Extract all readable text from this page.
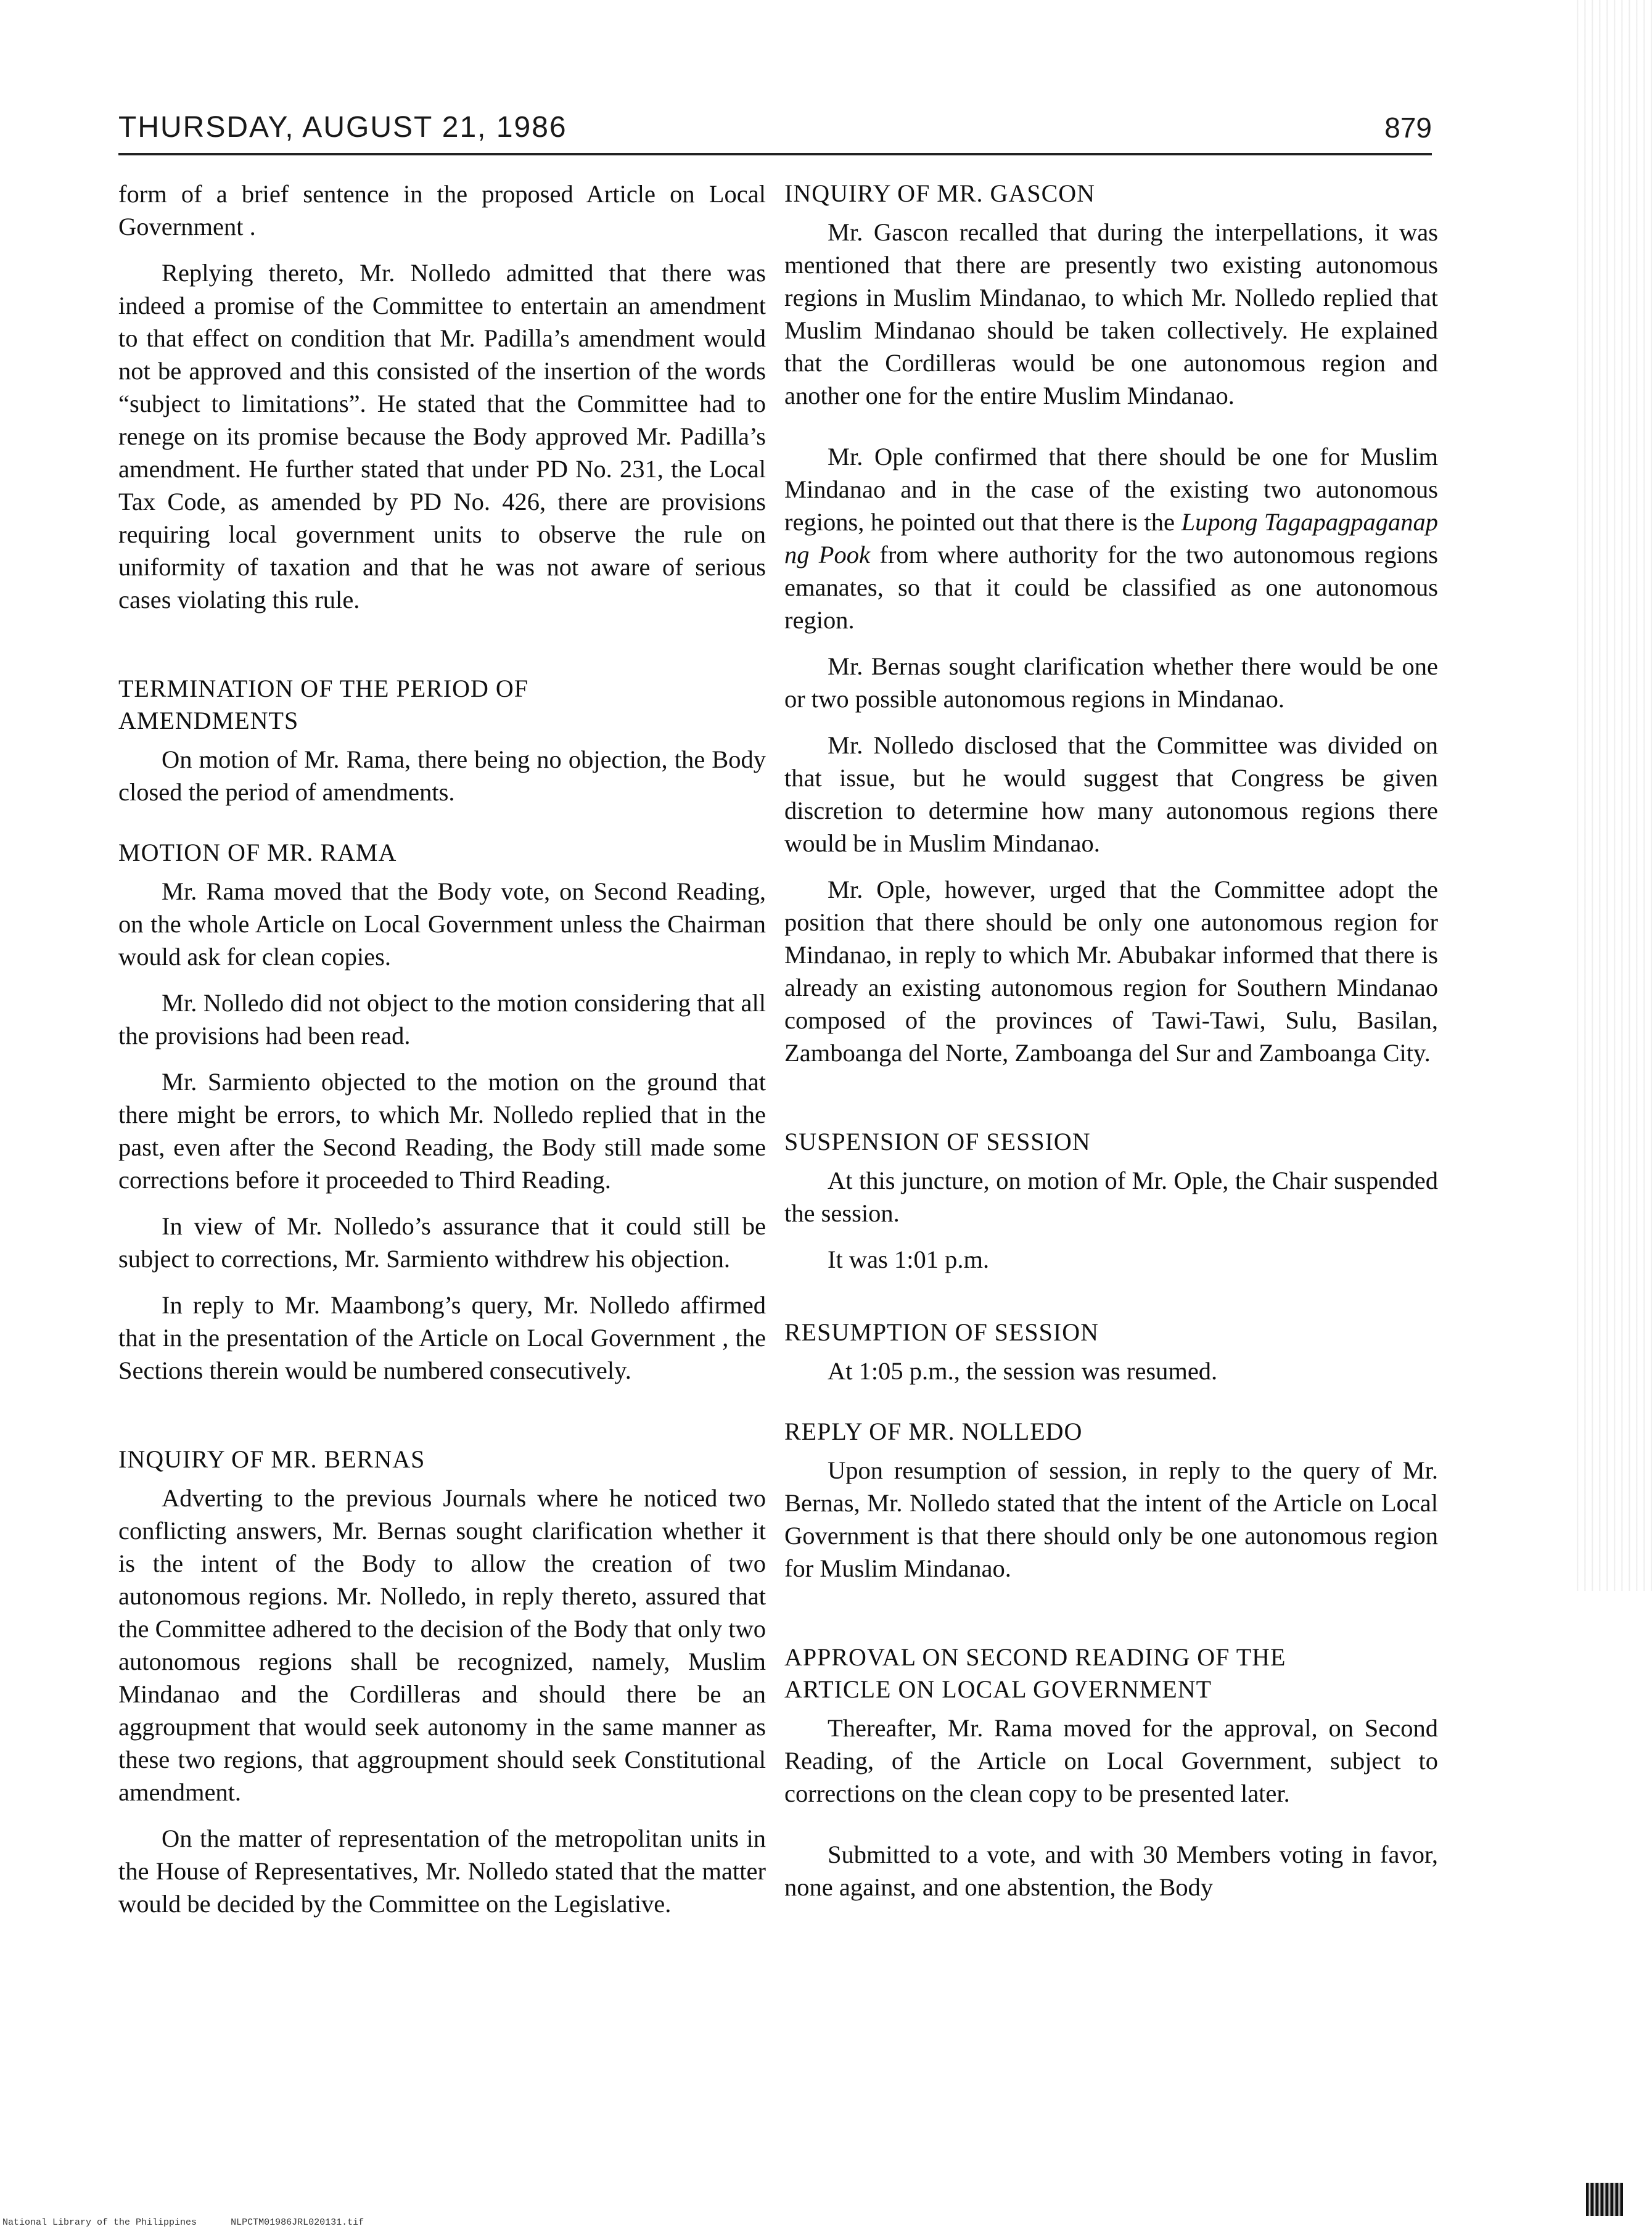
THURSDAY, AUGUST 21, 1986	879

form of a brief sentence in the proposed Article on Local Government .

Replying thereto, Mr. Nolledo admitted that there was indeed a promise of the Committee to entertain an amendment to that effect on condition that Mr. Padilla’s amendment would not be approved and this consisted of the insertion of the words “subject to limitations”. He stated that the Committee had to renege on its promise because the Body approved Mr. Padilla’s amendment. He further stated that under PD No. 231, the Local Tax Code, as amended by PD No. 426, there are provisions requiring local government units to observe the rule on uniformity of taxation and that he was not aware of serious cases violating this rule.

TERMINATION OF THE PERIOD OF
AMENDMENTS

On motion of Mr. Rama, there being no objection, the Body closed the period of amendments.

MOTION OF MR. RAMA

Mr. Rama moved that the Body vote, on Second Reading, on the whole Article on Local Government unless the Chairman would ask for clean copies.

Mr. Nolledo did not object to the motion considering that all the provisions had been read.

Mr. Sarmiento objected to the motion on the ground that there might be errors, to which Mr. Nolledo replied that in the past, even after the Second Reading, the Body still made some corrections before it proceeded to Third Reading.

In view of Mr. Nolledo’s assurance that it could still be subject to corrections, Mr. Sarmiento withdrew his objection.

In reply to Mr. Maambong’s query, Mr. Nolledo affirmed that in the presentation of the Article on Local Government , the Sections therein would be numbered consecutively.

INQUIRY OF MR. BERNAS

Adverting to the previous Journals where he noticed two conflicting answers, Mr. Bernas sought clarification whether it is the intent of the Body to allow the creation of two autonomous regions. Mr. Nolledo, in reply thereto, assured that the Committee adhered to the decision of the Body that only two autonomous regions shall be recognized, namely, Muslim Mindanao and the Cordilleras and should there be an aggroupment that would seek autonomy in the same manner as these two regions, that aggroupment should seek Constitutional amendment.

On the matter of representation of the metropolitan units in the House of Representatives, Mr. Nolledo stated that the matter would be decided by the Committee on the Legislative.

INQUIRY OF MR. GASCON

Mr. Gascon recalled that during the interpellations, it was mentioned that there are presently two existing autonomous regions in Muslim Mindanao, to which Mr. Nolledo replied that Muslim Mindanao should be taken collectively. He explained that the Cordilleras would be one autonomous region and another one for the entire Muslim Mindanao.

Mr. Ople confirmed that there should be one for Muslim Mindanao and in the case of the existing two autonomous regions, he pointed out that there is the Lupong Tagapagpaganap ng Pook from where authority for the two autonomous regions emanates, so that it could be classified as one autonomous region.

Mr. Bernas sought clarification whether there would be one or two possible autonomous regions in Mindanao.

Mr. Nolledo disclosed that the Committee was divided on that issue, but he would suggest that Congress be given discretion to determine how many autonomous regions there would be in Muslim Mindanao.

Mr. Ople, however, urged that the Committee adopt the position that there should be only one autonomous region for Mindanao, in reply to which Mr. Abubakar informed that there is already an existing autonomous region for Southern Mindanao composed of the provinces of Tawi-Tawi, Sulu, Basilan, Zamboanga del Norte, Zamboanga del Sur and Zamboanga City.

SUSPENSION OF SESSION

At this juncture, on motion of Mr. Ople, the Chair suspended the session.

It was 1:01 p.m.

RESUMPTION OF SESSION

At 1:05 p.m., the session was resumed.

REPLY OF MR. NOLLEDO

Upon resumption of session, in reply to the query of Mr. Bernas, Mr. Nolledo stated that the intent of the Article on Local Government is that there should only be one autonomous region for Muslim Mindanao.

APPROVAL ON SECOND READING OF THE
ARTICLE ON LOCAL GOVERNMENT

Thereafter, Mr. Rama moved for the approval, on Second Reading, of the Article on Local Government, subject to corrections on the clean copy to be presented later.

Submitted to a vote, and with 30 Members voting in favor, none against, and one abstention, the Body

National Library of the Philippines	NLPCTM01986JRL020131.tif
